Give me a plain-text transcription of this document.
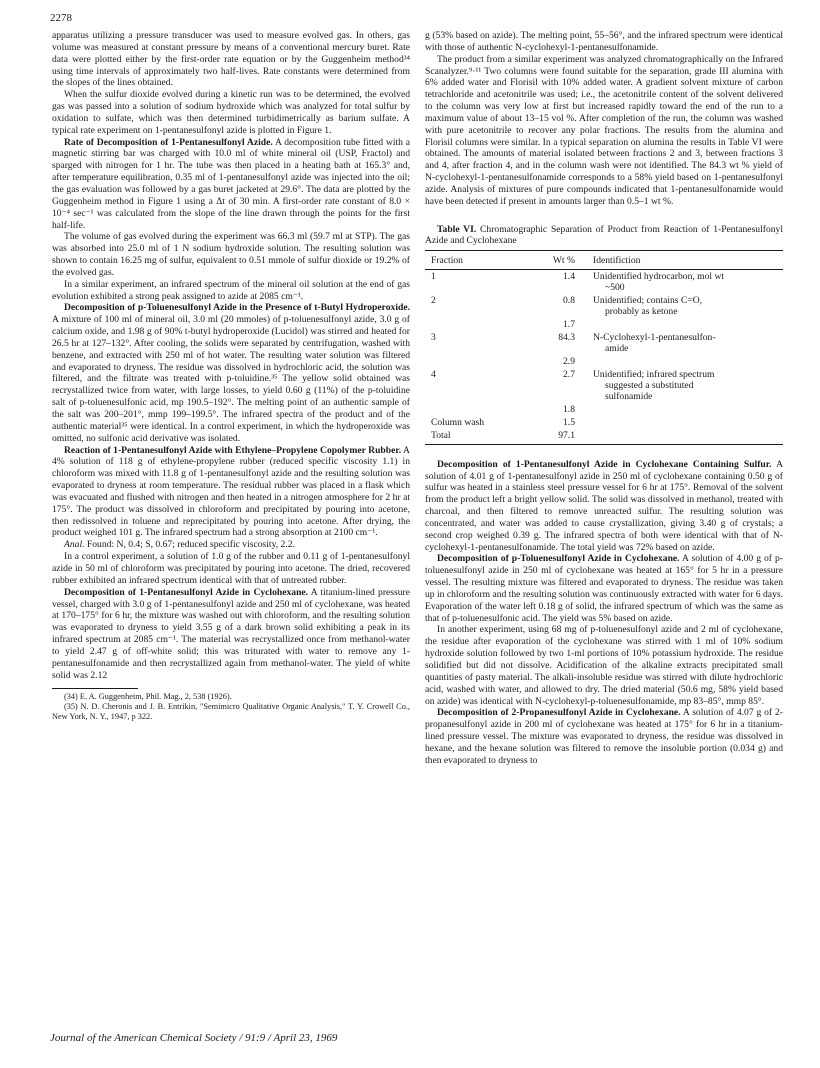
2278

apparatus utilizing a pressure transducer was used to measure evolved gas. In others, gas volume was measured at constant pressure by means of a conventional mercury buret. Rate data were plotted either by the first-order rate equation or by the Guggenheim method³⁴ using time intervals of approximately two half-lives. Rate constants were determined from the slopes of the lines obtained.

When the sulfur dioxide evolved during a kinetic run was to be determined, the evolved gas was passed into a solution of sodium hydroxide which was analyzed for total sulfur by oxidation to sulfate, which was then determined turbidimetrically as barium sulfate. A typical rate experiment on 1-pentanesulfonyl azide is plotted in Figure 1.

Rate of Decomposition of 1-Pentanesulfonyl Azide. A decomposition tube fitted with a magnetic stirring bar was charged with 10.0 ml of white mineral oil (USP, Fractol) and sparged with nitrogen for 1 hr. The tube was then placed in a heating bath at 165.3° and, after temperature equilibration, 0.35 ml of 1-pentanesulfonyl azide was injected into the oil; the gas evaluation was followed by a gas buret jacketed at 29.6°. The data are plotted by the Guggenheim method in Figure 1 using a Δt of 30 min. A first-order rate constant of 8.0 × 10⁻⁴ sec⁻¹ was calculated from the slope of the line drawn through the points for the first half-life.

The volume of gas evolved during the experiment was 66.3 ml (59.7 ml at STP). The gas was absorbed into 25.0 ml of 1 N sodium hydroxide solution. The resulting solution was shown to contain 16.25 mg of sulfur, equivalent to 0.51 mmole of sulfur dioxide or 19.2% of the evolved gas.

In a similar experiment, an infrared spectrum of the mineral oil solution at the end of gas evolution exhibited a strong peak assigned to azide at 2085 cm⁻¹.

Decomposition of p-Toluenesulfonyl Azide in the Presence of t-Butyl Hydroperoxide. A mixture of 100 ml of mineral oil, 3.0 ml (20 mmoles) of p-toluenesulfonyl azide, 3.0 g of calcium oxide, and 1.98 g of 90% t-butyl hydroperoxide (Lucidol) was stirred and heated for 26.5 hr at 127–132°. After cooling, the solids were separated by centrifugation, washed with benzene, and extracted with 250 ml of hot water. The resulting water solution was filtered and evaporated to dryness. The residue was dissolved in hydrochloric acid, the solution was filtered, and the filtrate was treated with p-toluidine.³⁵ The yellow solid obtained was recrystallized twice from water, with large losses, to yield 0.60 g (11%) of the p-toluidine salt of p-toluenesulfonic acid, mp 190.5–192°. The melting point of an authentic sample of the salt was 200–201°, mmp 199–199.5°. The infrared spectra of the product and of the authentic material³⁵ were identical. In a control experiment, in which the hydroperoxide was omitted, no sulfonic acid derivative was isolated.

Reaction of 1-Pentanesulfonyl Azide with Ethylene–Propylene Copolymer Rubber. A 4% solution of 118 g of ethylene-propylene rubber (reduced specific viscosity 1.1) in chloroform was mixed with 11.8 g of 1-pentanesulfonyl azide and the resulting solution was evaporated to dryness at room temperature. The residual rubber was placed in a flask which was evacuated and flushed with nitrogen and then heated in a nitrogen atmosphere for 2 hr at 175°. The product was dissolved in chloroform and precipitated by pouring into acetone, then redissolved in toluene and reprecipitated by pouring into acetone. After drying, the product weighed 101 g. The infrared spectrum had a strong absorption at 2100 cm⁻¹.

Anal. Found: N, 0.4; S, 0.67; reduced specific viscosity, 2.2.

In a control experiment, a solution of 1.0 g of the rubber and 0.11 g of 1-pentanesulfonyl azide in 50 ml of chloroform was precipitated by pouring into acetone. The dried, recovered rubber exhibited an infrared spectrum identical with that of untreated rubber.

Decomposition of 1-Pentanesulfonyl Azide in Cyclohexane. A titanium-lined pressure vessel, charged with 3.0 g of 1-pentanesulfonyl azide and 250 ml of cyclohexane, was heated at 170–175° for 6 hr, the mixture was washed out with chloroform, and the resulting solution was evaporated to dryness to yield 3.55 g of a dark brown solid exhibiting a peak in its infrared spectrum at 2085 cm⁻¹. The material was recrystallized once from methanol-water to yield 2.47 g of off-white solid; this was triturated with water to remove any 1-pentanesulfonamide and then recrystallized again from methanol-water. The yield of white solid was 2.12

(34) E. A. Guggenheim, Phil. Mag., 2, 538 (1926).

(35) N. D. Cheronis and J. B. Entrikin, "Semimicro Qualitative Organic Analysis," T. Y. Crowell Co., New York, N. Y., 1947, p 322.

g (53% based on azide). The melting point, 55–56°, and the infrared spectrum were identical with those of authentic N-cyclohexyl-1-pentanesulfonamide.

The product from a similar experiment was analyzed chromatographically on the Infrared Scanalyzer.⁹·¹¹ Two columns were found suitable for the separation, grade III alumina with 6% added water and Florisil with 10% added water. A gradient solvent mixture of carbon tetrachloride and acetonitrile was used; i.e., the acetonitrile content of the solvent delivered to the column was very low at first but increased rapidly toward the end of the run to a maximum value of about 13–15 vol %. After completion of the run, the column was washed with pure acetonitrile to recover any polar fractions. The results from the alumina and Florisil columns were similar. In a typical separation on alumina the results in Table VI were obtained. The amounts of material isolated between fractions 2 and 3, between fractions 3 and 4, after fraction 4, and in the column wash were not identified. The 84.3 wt % yield of N-cyclohexyl-1-pentanesulfonamide corresponds to a 58% yield based on 1-pentanesulfonyl azide. Analysis of mixtures of pure compounds indicated that 1-pentanesulfonamide would have been detected if present in amounts larger than 0.5–1 wt %.

Table VI. Chromatographic Separation of Product from Reaction of 1-Pentanesulfonyl Azide and Cyclohexane

Fraction	Wt %	Identifiction
1	1.4	Unidentified hydrocarbon, mol wt
~500

2	0.8	Unidentified; contains C=O,
probably as ketone

	1.7	
3	84.3	N-Cyclohexyl-1-pentanesulfon-
amide

	2.9	
4	2.7	Unidentified; infrared spectrum
suggested a substituted
sulfonamide

	1.8	
Column wash	1.5	
Total	97.1	

Decomposition of 1-Pentanesulfonyl Azide in Cyclohexane Containing Sulfur. A solution of 4.01 g of 1-pentanesulfonyl azide in 250 ml of cyclohexane containing 0.50 g of sulfur was heated in a stainless steel pressure vessel for 6 hr at 175°. Removal of the solvent from the product left a bright yellow solid. The solid was dissolved in methanol, treated with charcoal, and then filtered to remove unreacted sulfur. The resulting solution was concentrated, and water was added to cause crystallization, giving 3.40 g of crystals; a second crop weighed 0.39 g. The infrared spectra of both were identical with that of N-cyclohexyl-1-pentanesulfonamide. The total yield was 72% based on azide.

Decomposition of p-Toluenesulfonyl Azide in Cyclohexane. A solution of 4.00 g of p-toluenesulfonyl azide in 250 ml of cyclohexane was heated at 165° for 5 hr in a pressure vessel. The resulting mixture was filtered and evaporated to dryness. The residue was taken up in chloroform and the resulting solution was continuously extracted with water for 6 days. Evaporation of the water left 0.18 g of solid, the infrared spectrum of which was the same as that of p-toluenesulfonic acid. The yield was 5% based on azide.

In another experiment, using 68 mg of p-toluenesulfonyl azide and 2 ml of cyclohexane, the residue after evaporation of the cyclohexane was stirred with 1 ml of 10% sodium hydroxide solution followed by two 1-ml portions of 10% potassium hydroxide. The residue solidified but did not dissolve. Acidification of the alkaline extracts precipitated small quantities of pasty material. The alkali-insoluble residue was stirred with dilute hydrochloric acid, washed with water, and allowed to dry. The dried material (50.6 mg, 58% yield based on azide) was identical with N-cyclohexyl-p-toluenesulfonamide, mp 83–85°, mmp 85°.

Decomposition of 2-Propanesulfonyl Azide in Cyclohexane. A solution of 4.07 g of 2-propanesulfonyl azide in 200 ml of cyclohexane was heated at 175° for 6 hr in a titanium-lined pressure vessel. The mixture was evaporated to dryness, the residue was dissolved in hexane, and the hexane solution was filtered to remove the insoluble portion (0.034 g) and then evaporated to dryness to

Journal of the American Chemical Society / 91:9 / April 23, 1969
